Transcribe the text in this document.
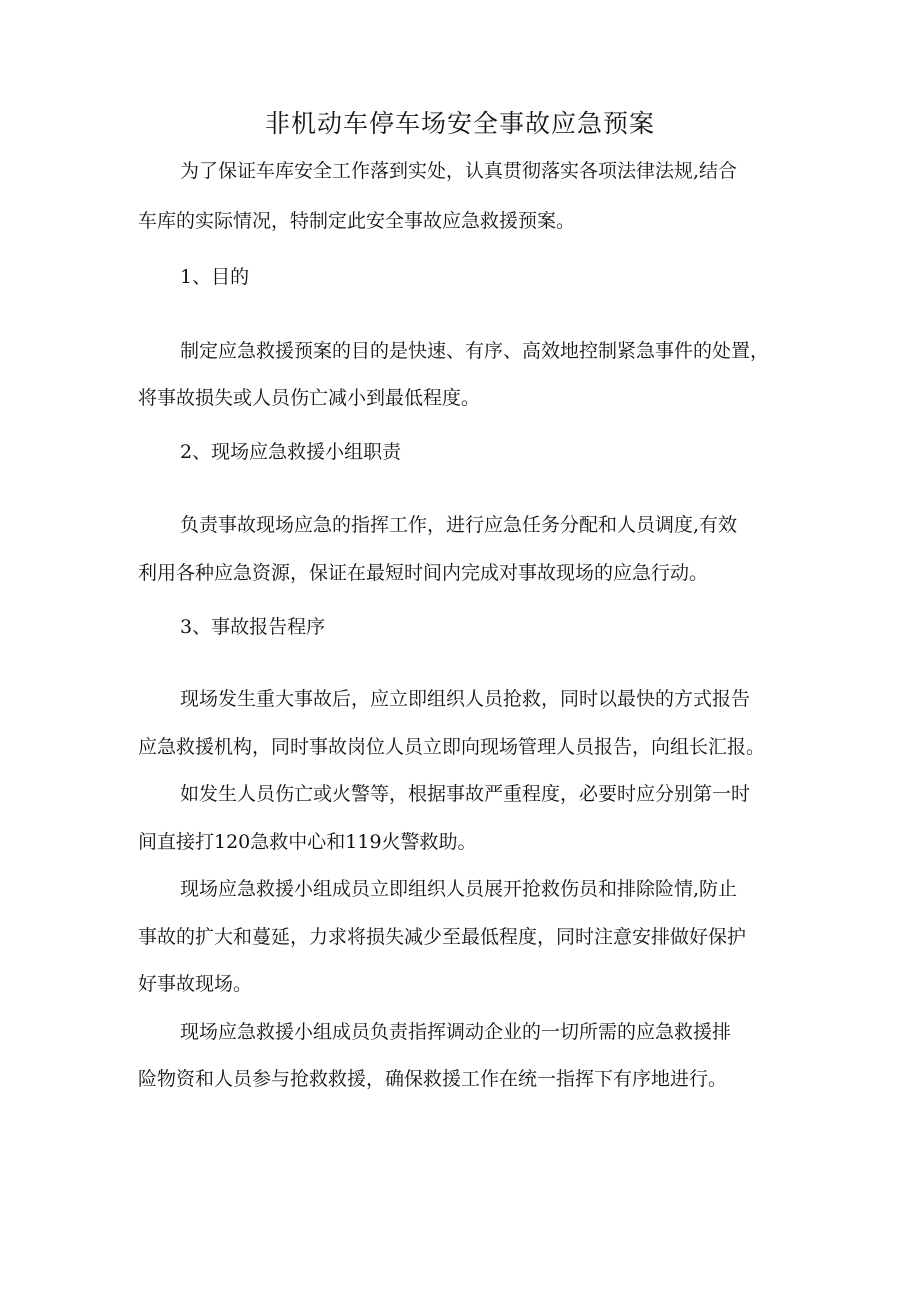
非机动车停车场安全事故应急预案
为了保证车库安全工作落到实处，认真贯彻落实各项法律法规,结合
车库的实际情况，特制定此安全事故应急救援预案。
1、目的
制定应急救援预案的目的是快速、有序、高效地控制紧急事件的处置，
将事故损失或人员伤亡减小到最低程度。
2、现场应急救援小组职责
负责事故现场应急的指挥工作，进行应急任务分配和人员调度,有效
利用各种应急资源，保证在最短时间内完成对事故现场的应急行动。
3、事故报告程序
现场发生重大事故后，应立即组织人员抢救，同时以最快的方式报告
应急救援机构，同时事故岗位人员立即向现场管理人员报告，向组长汇报。
如发生人员伤亡或火警等，根据事故严重程度，必要时应分别第一时
间直接打120急救中心和119火警救助。
现场应急救援小组成员立即组织人员展开抢救伤员和排除险情,防止
事故的扩大和蔓延，力求将损失减少至最低程度，同时注意安排做好保护
好事故现场。
现场应急救援小组成员负责指挥调动企业的一切所需的应急救援排
险物资和人员参与抢救救援，确保救援工作在统一指挥下有序地进行。
